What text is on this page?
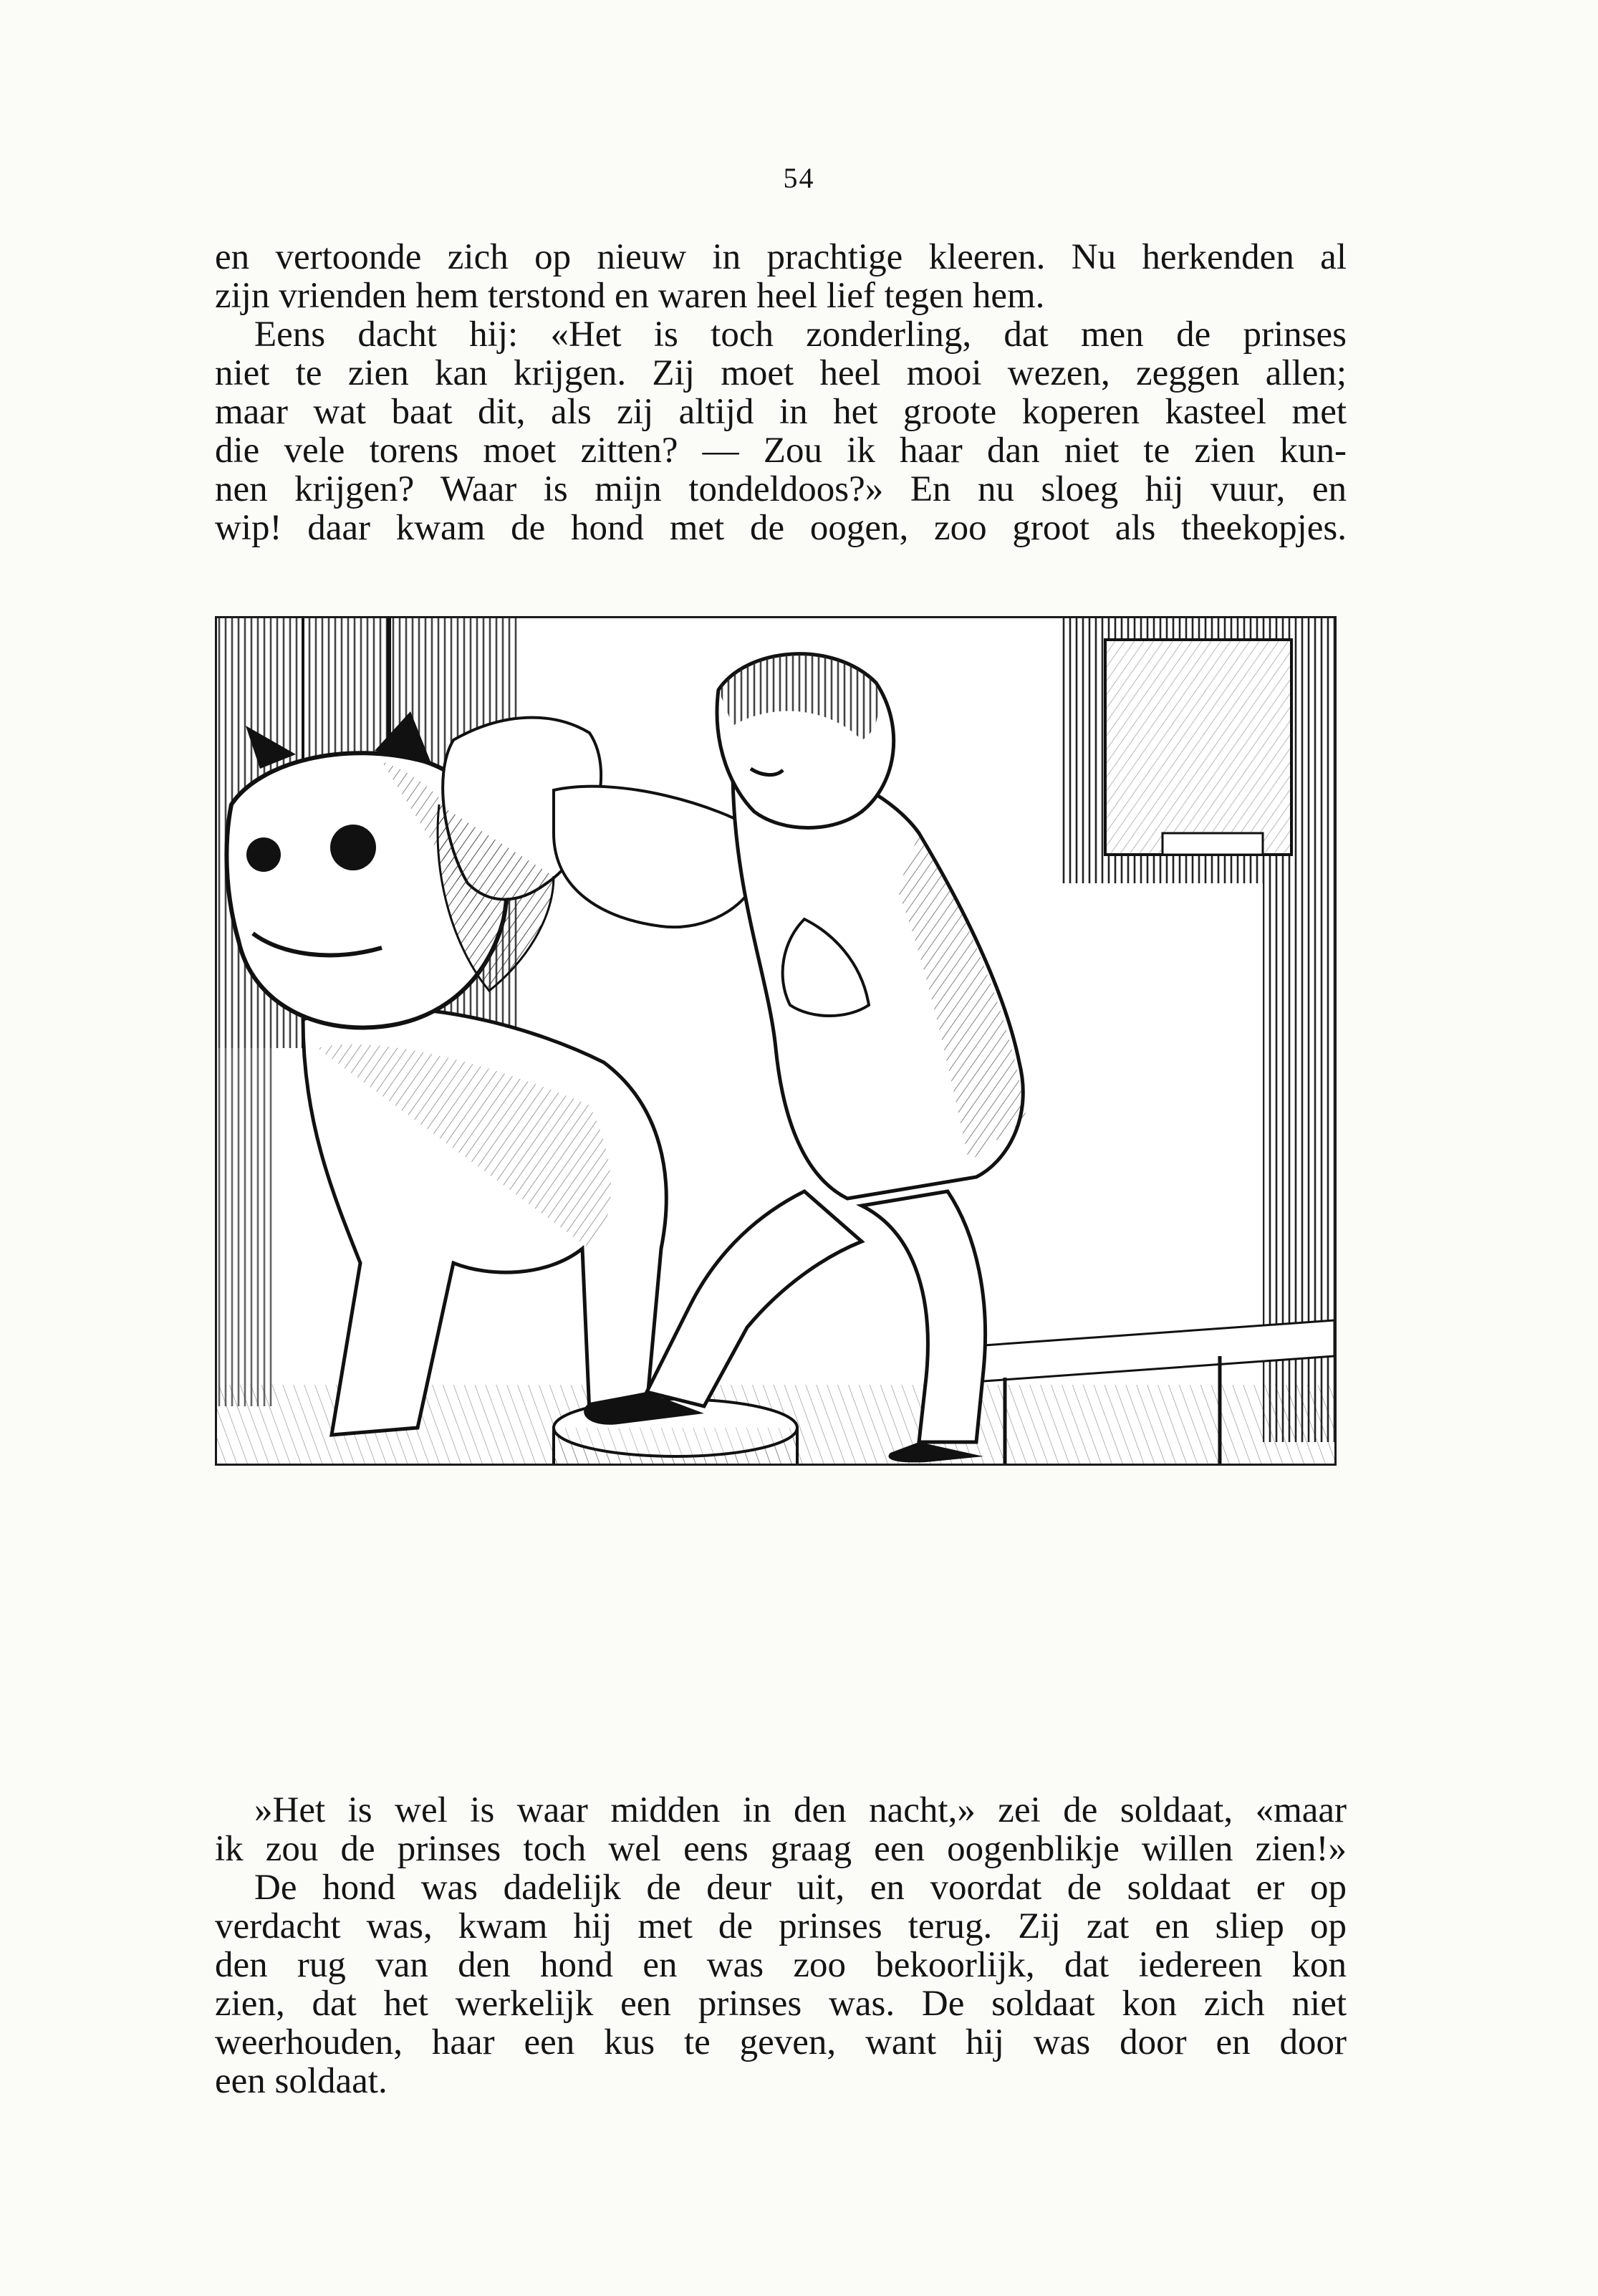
54
en vertoonde zich op nieuw in prachtige kleeren. Nu herkenden al
zijn vrienden hem terstond en waren heel lief tegen hem.
Eens dacht hij: «Het is toch zonderling, dat men de prinses
niet te zien kan krijgen. Zij moet heel mooi wezen, zeggen allen;
maar wat baat dit, als zij altijd in het groote koperen kasteel met
die vele torens moet zitten? — Zou ik haar dan niet te zien kun-
nen krijgen? Waar is mijn tondeldoos?» En nu sloeg hij vuur, en
wip! daar kwam de hond met de oogen, zoo groot als theekopjes.
»Het is wel is waar midden in den nacht,» zei de soldaat, «maar
ik zou de prinses toch wel eens graag een oogenblikje willen zien!»
De hond was dadelijk de deur uit, en voordat de soldaat er op
verdacht was, kwam hij met de prinses terug. Zij zat en sliep op
den rug van den hond en was zoo bekoorlijk, dat iedereen kon
zien, dat het werkelijk een prinses was. De soldaat kon zich niet
weerhouden, haar een kus te geven, want hij was door en door
een soldaat.
